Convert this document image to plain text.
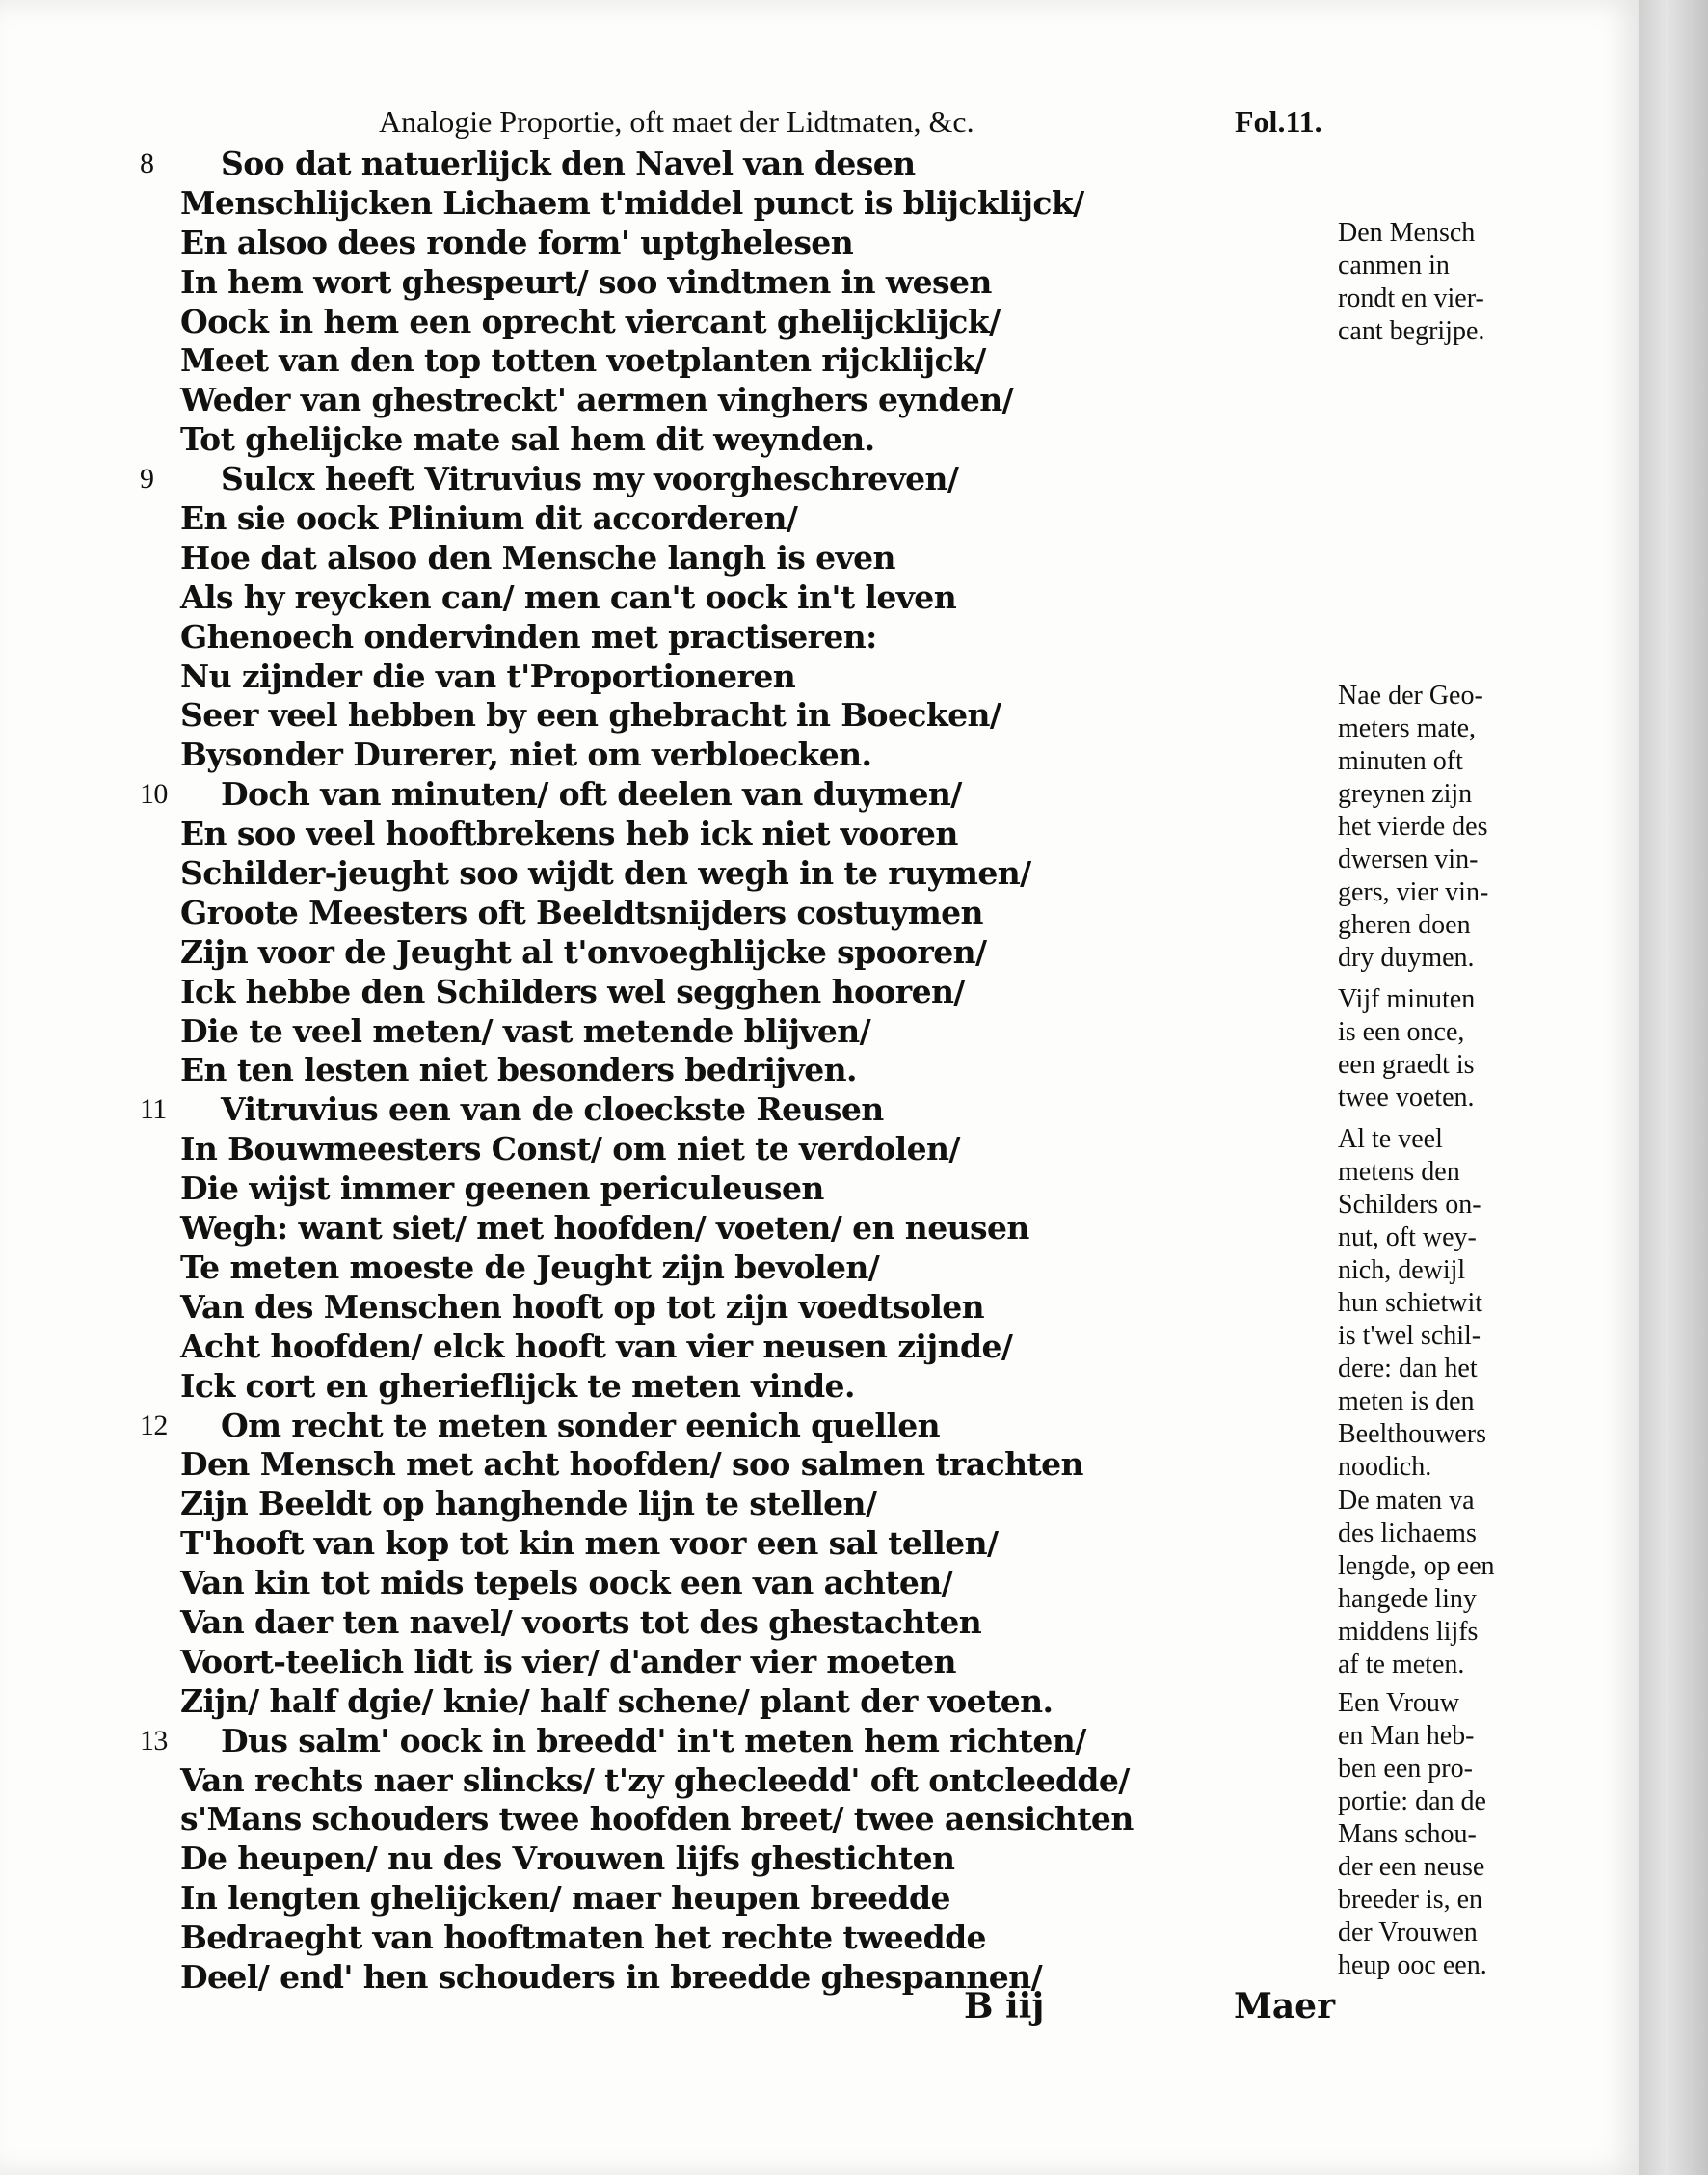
Analogie Proportie, oft maet der Lidtmaten, &c.	Fol.11.
8	Soo dat natuerlijck den Navel van desen
Menschlijcken Lichaem t'middel punct is blijcklijck/
En alsoo dees ronde form' uptghelesen
In hem wort ghespeurt/ soo vindtmen in wesen
Oock in hem een oprecht viercant ghelijcklijck/
Meet van den top totten voetplanten rijcklijck/
Weder van ghestreckt' aermen vinghers eynden/
Tot ghelijcke mate sal hem dit weynden.
9	Sulcx heeft Vitruvius my voorgheschreven/
En sie oock Plinium dit accorderen/
Hoe dat alsoo den Mensche langh is even
Als hy reycken can/ men can't oock in't leven
Ghenoech ondervinden met practiseren:
Nu zijnder die van t'Proportioneren
Seer veel hebben by een ghebracht in Boecken/
Bysonder Durerer, niet om verbloecken.
10 Doch van minuten/ oft deelen van duymen/
En soo veel hooftbrekens heb ick niet vooren
Schilder-jeught soo wijdt den wegh in te ruymen/
Groote Meesters oft Beeldtsnijders costuymen
Zijn voor de Jeught al t'onvoeghlijcke spooren/
Ick hebbe den Schilders wel segghen hooren/
Die te veel meten/ vast metende blijven/
En ten lesten niet besonders bedrijven.
11 Vitruvius een van de cloeckste Reusen
In Bouwmeesters Const/ om niet te verdolen/
Die wijst immer geenen periculeusen
Wegh: want siet/ met hoofden/ voeten/ en neusen
Te meten moeste de Jeught zijn bevolen/
Van des Menschen hooft op tot zijn voedtsolen
Acht hoofden/ elck hooft van vier neusen zijnde/
Ick cort en gherieflijck te meten vinde.
12 Om recht te meten sonder eenich quellen
Den Mensch met acht hoofden/ soo salmen trachten
Zijn Beeldt op hanghende lijn te stellen/
T'hooft van kop tot kin men voor een sal tellen/
Van kin tot mids tepels oock een van achten/
Van daer ten navel/ voorts tot des ghestachten
Voort-teelich lidt is vier/ d'ander vier moeten
Zijn/ half dgie/ knie/ half schene/ plant der voeten.
13 Dus salm' oock in breedd' in't meten hem richten/
Van rechts naer slincks/ t'zy ghecleedd' oft ontcleedde/
s'Mans schouders twee hoofden breet/ twee aensichten
De heupen/ nu des Vrouwen lijfs ghestichten
In lengten ghelijcken/ maer heupen breedde
Bedraeght van hooftmaten het rechte tweedde
Deel/ end' hen schouders in breedde ghespannen/
Den Mensch
canmen in
rondt en vier-
cant begrijpe.
Nae der Geo-
meters mate,
minuten oft
greynen zijn
het vierde des
dwersen vin-
gers, vier vin-
gheren doen
dry duymen.
Vijf minuten
is een once,
een graedt is
twee voeten.
Al te veel
metens den
Schilders on-
nut, oft wey-
nich, dewijl
hun schietwit
is t'wel schil-
dere: dan het
meten is den
Beelthouwers
noodich.
De maten va
des lichaems
lengde, op een
hangede liny
middens lijfs
af te meten.
Een Vrouw
en Man heb-
ben een pro-
portie: dan de
Mans schou-
der een neuse
breeder is, en
der Vrouwen
heup ooc een.
B iij	Maer
